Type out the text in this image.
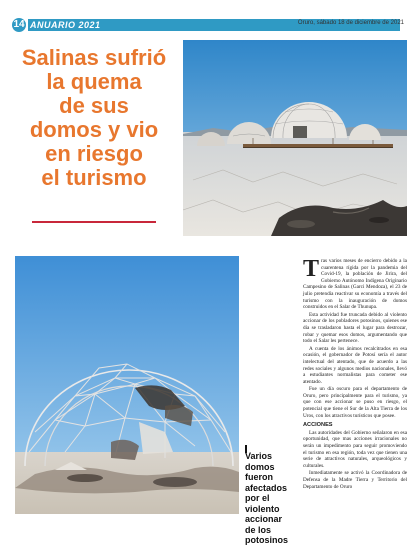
14 ANUARIO 2021	Oruro, sábado 18 de diciembre de 2021
Salinas sufrió
la quema
de sus
domos y vio
en riesgo
el turismo
Varios
domos
fueron
afectados
por el
violento
accionar
de los
potosinos

Tras varios meses de encierro debido a la cuarentena rígida por la pandemia del Covid-19, la población de Jirira, del Gobierno Autónomo Indígena Originario Campesino de Salinas (Garci Mendoza), el 23 de julio pretendía reactivar su economía a través del turismo con la inauguración de domos construidos en el Salar de Thunupa.

Esta actividad fue truncada debido al violento accionar de los pobladores potosinos, quienes ese día se trasladaron hasta el lugar para destrozar, robar y quemar esos domos, argumentando que todo el Salar les pertenece.

A cuenta de los ánimos recalcitrados en esa ocasión, el gobernador de Potosí sería el autor intelectual del atentado, que de acuerdo a las redes sociales y algunos medios nacionales, llevó a estudiantes normalistas para cometer ese atentado.

Fue un día oscuro para el departamento de Oruro, pero principalmente para el turismo, ya que con ese accionar se puso en riesgo, el potencial que tiene el Sur de la Alta Tierra de los Uros, con los atractivos turísticos que posee.

ACCIONES

Las autoridades del Gobierno señalaron en esa oportunidad, que mas acciones irracionales no serán un impedimento para seguir promoviendo el turismo en esa región, toda vez que tienen una serie de atractivos naturales, arqueológicos y culturales.

Inmediatamente se activó la Coordinadora de Defensa de la Madre Tierra y Territorio del Departamento de Oruro
